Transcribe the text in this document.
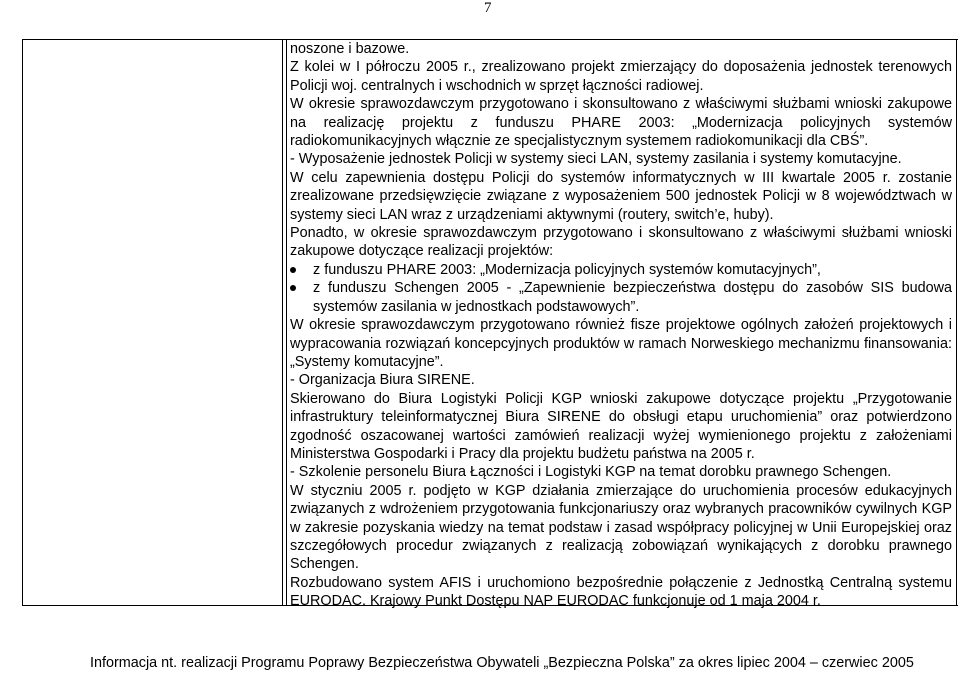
7

noszone i bazowe.

Z kolei w I półroczu 2005 r., zrealizowano projekt zmierzający do doposażenia jednostek terenowych Policji woj. centralnych i wschodnich w sprzęt łączności radiowej.

W okresie sprawozdawczym przygotowano i skonsultowano z właściwymi służbami wnioski zakupowe na realizację projektu z funduszu PHARE 2003: „Modernizacja policyjnych systemów radiokomunikacyjnych włącznie ze specjalistycznym systemem radiokomunikacji dla CBŚ”.

- Wyposażenie jednostek Policji w systemy sieci LAN, systemy zasilania i systemy komutacyjne.

W celu zapewnienia dostępu Policji do systemów informatycznych w III kwartale 2005 r. zostanie zrealizowane przedsięwzięcie związane z wyposażeniem 500 jednostek Policji w 8 województwach w systemy sieci LAN wraz z urządzeniami aktywnymi (routery, switch’e, huby).

Ponadto, w okresie sprawozdawczym przygotowano i skonsultowano z właściwymi służbami wnioski zakupowe dotyczące realizacji projektów:

z funduszu PHARE 2003: „Modernizacja policyjnych systemów komutacyjnych”,
z funduszu Schengen 2005 - „Zapewnienie bezpieczeństwa dostępu do zasobów SIS budowa systemów zasilania w jednostkach podstawowych”.

W okresie sprawozdawczym przygotowano również fisze projektowe ogólnych założeń projektowych i wypracowania rozwiązań koncepcyjnych produktów w ramach Norweskiego mechanizmu finansowania: „Systemy komutacyjne”.

- Organizacja Biura SIRENE.

Skierowano do Biura Logistyki Policji KGP wnioski zakupowe dotyczące projektu „Przygotowanie infrastruktury teleinformatycznej Biura SIRENE do obsługi etapu uruchomienia” oraz potwierdzono zgodność oszacowanej wartości zamówień realizacji wyżej wymienionego projektu z założeniami Ministerstwa Gospodarki i Pracy dla projektu budżetu państwa na 2005 r.

- Szkolenie personelu Biura Łączności i Logistyki KGP na temat dorobku prawnego Schengen.

W styczniu 2005 r. podjęto w KGP działania zmierzające do uruchomienia procesów edukacyjnych związanych z wdrożeniem przygotowania funkcjonariuszy oraz wybranych pracowników cywilnych KGP w zakresie pozyskania wiedzy na temat podstaw i zasad współpracy policyjnej w Unii Europejskiej oraz szczegółowych procedur związanych z realizacją zobowiązań wynikających z dorobku prawnego Schengen.

Rozbudowano system AFIS i uruchomiono bezpośrednie połączenie z Jednostką Centralną systemu EURODAC. Krajowy Punkt Dostępu NAP EURODAC funkcjonuje od 1 maja 2004 r.

Informacja nt. realizacji Programu Poprawy Bezpieczeństwa Obywateli „Bezpieczna Polska” za okres lipiec 2004 – czerwiec 2005
